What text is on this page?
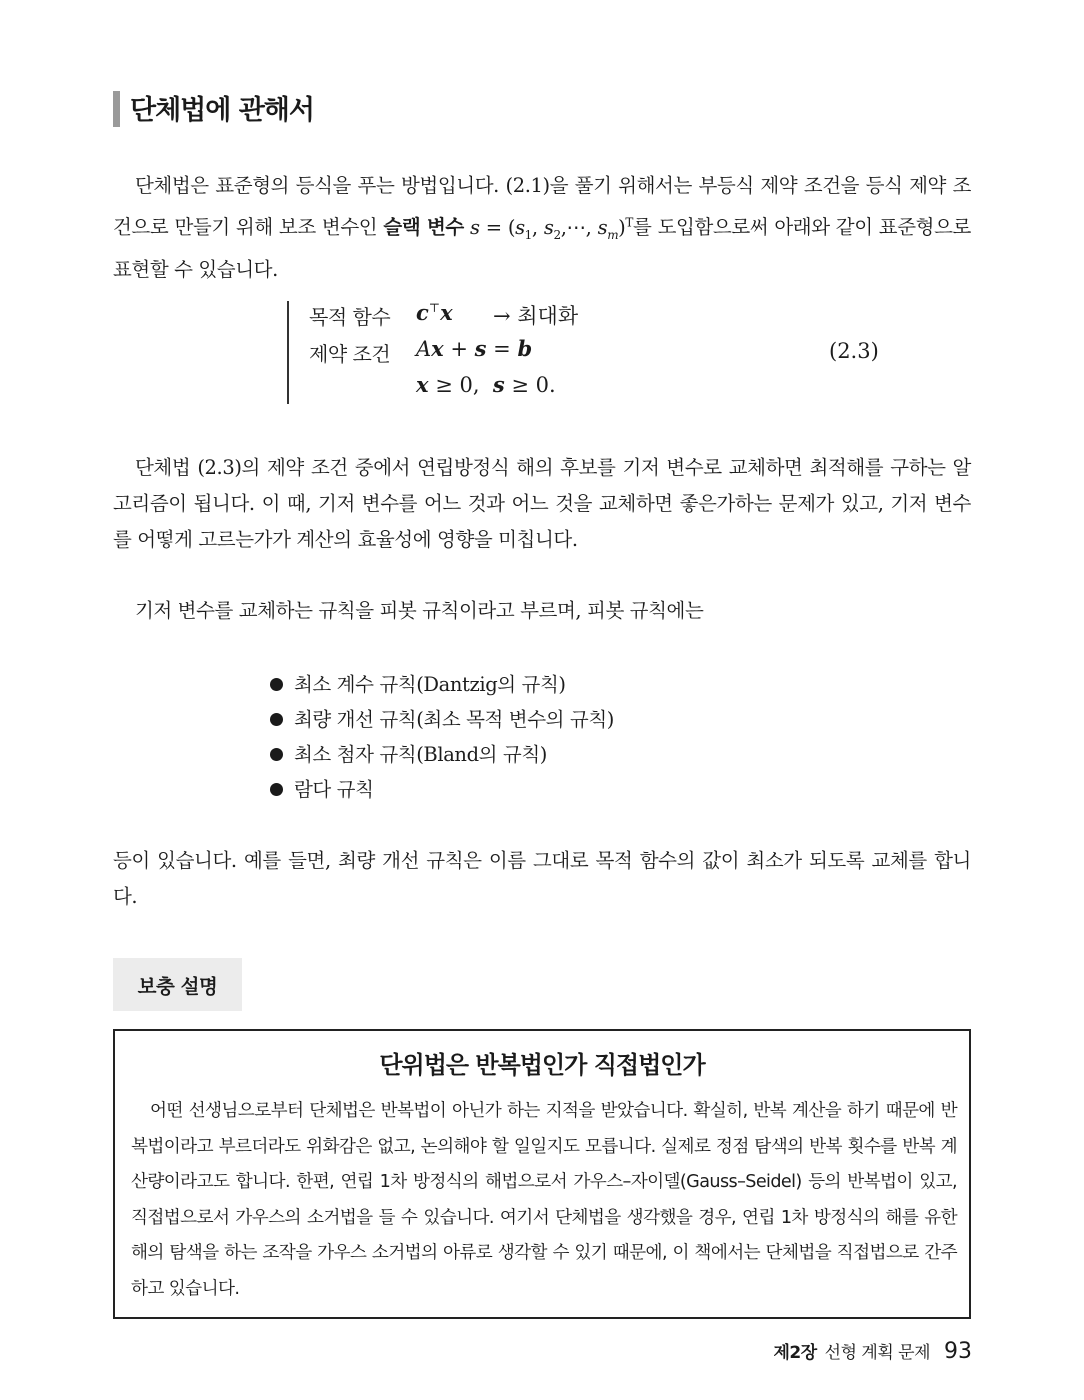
단체법에 관해서
단체법은 표준형의 등식을 푸는 방법입니다. (2.1)을 풀기 위해서는 부등식 제약 조건을 등식 제약 조건으로 만들기 위해 보조 변수인 슬랙 변수 $s = (s_1$, $s_2,\cdots$, $s_m)^T$를 도입함으로써 아래와 같이 표준형으로 표현할 수 있습니다.
목적 함수 c⊤x → 최대화
제약 조건 Ax + s = b	(2.3)
x ≥ 0,  s ≥ 0.
단체법 (2.3)의 제약 조건 중에서 연립방정식 해의 후보를 기저 변수로 교체하면 최적해를 구하는 알고리즘이 됩니다. 이 때, 기저 변수를 어느 것과 어느 것을 교체하면 좋은가하는 문제가 있고, 기저 변수를 어떻게 고르는가가 계산의 효율성에 영향을 미칩니다.
기저 변수를 교체하는 규칙을 피봇 규칙이라고 부르며, 피봇 규칙에는
최소 계수 규칙(Dantzig의 규칙)
최량 개선 규칙(최소 목적 변수의 규칙)
최소 첨자 규칙(Bland의 규칙)
람다 규칙
등이 있습니다. 예를 들면, 최량 개선 규칙은 이름 그대로 목적 함수의 값이 최소가 되도록 교체를 합니다.
보충 설명
단위법은 반복법인가 직접법인가
어떤 선생님으로부터 단체법은 반복법이 아닌가 하는 지적을 받았습니다. 확실히, 반복 계산을 하기 때문에 반복법이라고 부르더라도 위화감은 없고, 논의해야 할 일일지도 모릅니다. 실제로 정점 탐색의 반복 횟수를 반복 계산량이라고도 합니다. 한편, 연립 1차 방정식의 해법으로서 가우스–자이델(Gauss–Seidel) 등의 반복법이 있고, 직접법으로서 가우스의 소거법을 들 수 있습니다. 여기서 단체법을 생각했을 경우, 연립 1차 방정식의 해를 유한해의 탐색을 하는 조작을 가우스 소거법의 아류로 생각할 수 있기 때문에, 이 책에서는 단체법을 직접법으로 간주하고 있습니다.
제2장 선형 계획 문제 93
